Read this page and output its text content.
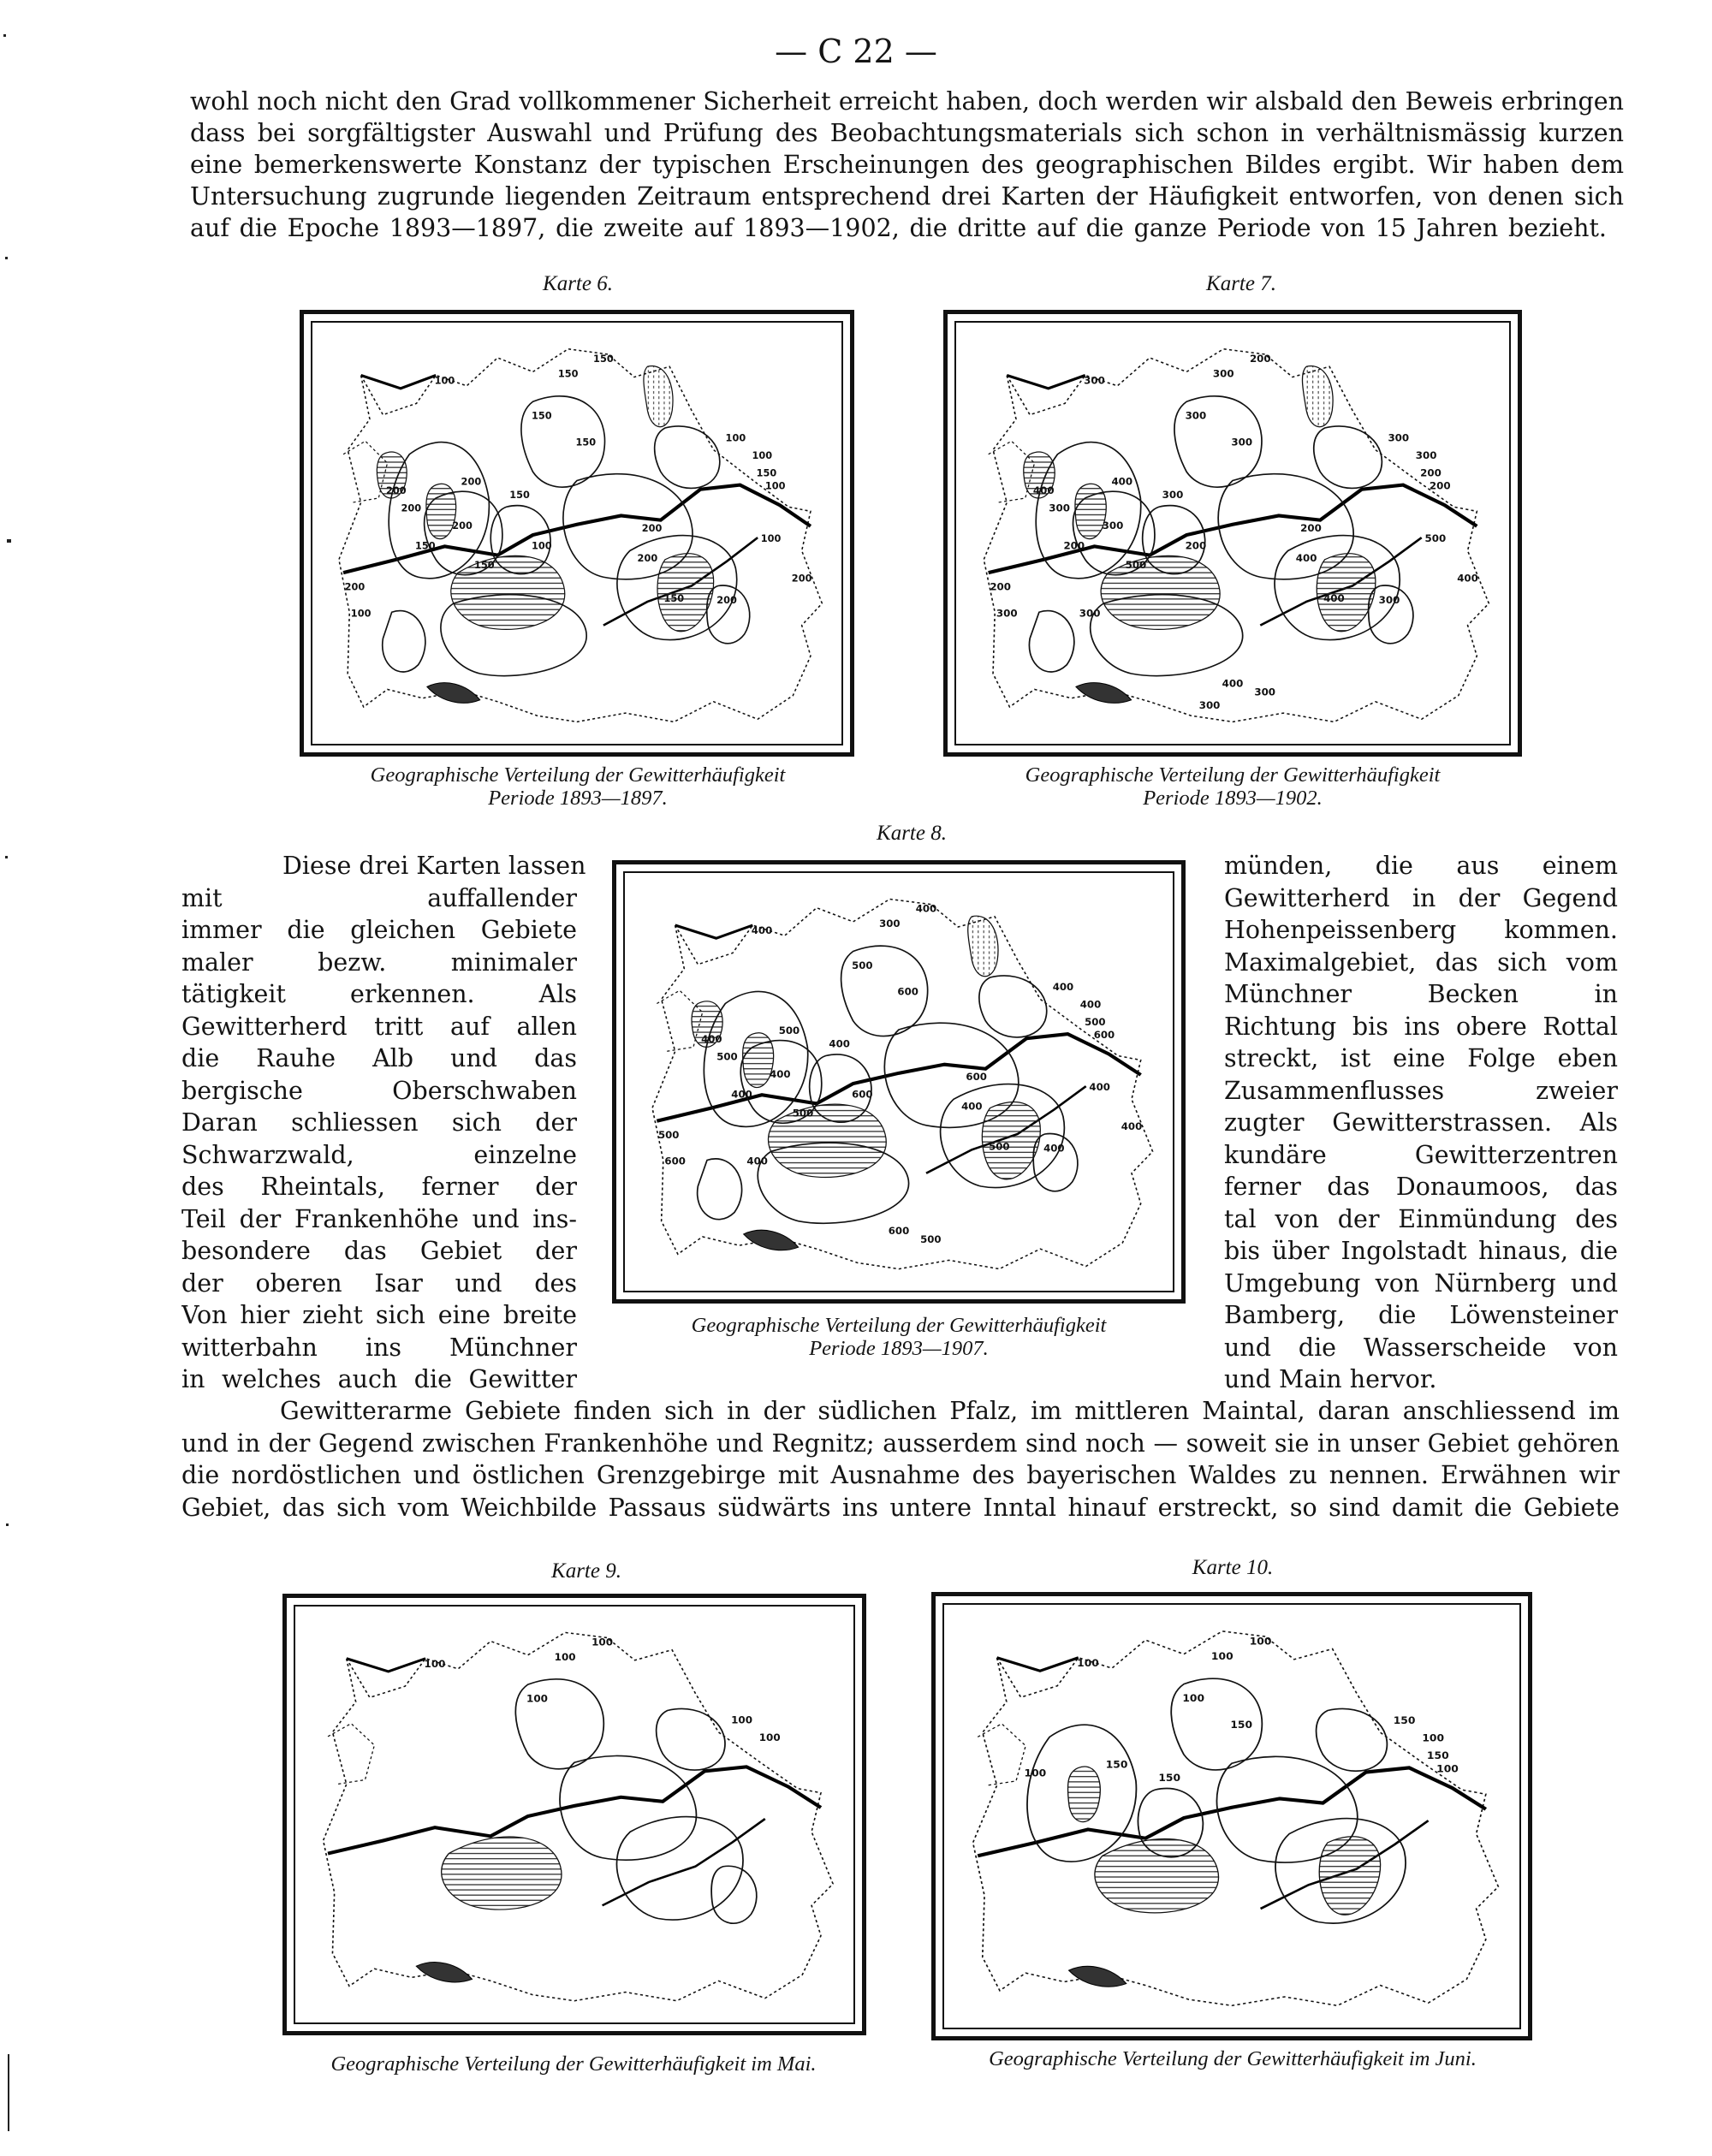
— C 22 —
wohl noch nicht den Grad vollkommener Sicherheit erreicht haben, doch werden wir alsbald den Beweis erbringen
dass bei sorgfältigster Auswahl und Prüfung des Beobachtungsmaterials sich schon in verhältnismässig kurzen
eine bemerkenswerte Konstanz der typischen Erscheinungen des geographischen Bildes ergibt. Wir haben dem
Untersuchung zugrunde liegenden Zeitraum entsprechend drei Karten der Häufigkeit entworfen, von denen sich
auf die Epoche 1893—1897, die zweite auf 1893—1902, die dritte auf die ganze Periode von 15 Jahren bezieht.
Karte 6.
100
150
150
150
100
100
150
100
150
200
150
200
200
200
150	100
200
100
150
200
200
150	200
200
100
Geographische Verteilung der Gewitterhäufigkeit
Periode 1893—1897.
Karte 7.
300
300
200
300
300
300
200
200
300
400
300
400
300
300
200	200
200
500
500
400
400
400	300
200
300	300
400
300
300
Geographische Verteilung der Gewitterhäufigkeit
Periode 1893—1902.
Karte 8.
Diese drei Karten lassen
mit auffallender
immer die gleichen Gebiete
maler bezw. minimaler
tätigkeit erkennen. Als
Gewitterherd tritt auf allen
die Rauhe Alb und das
bergische Oberschwaben
Daran schliessen sich der
Schwarzwald, einzelne
des Rheintals, ferner der
Teil der Frankenhöhe und ins-
besondere das Gebiet der
der oberen Isar und des
Von hier zieht sich eine breite
witterbahn ins Münchner
in welches auch die Gewitter
400
300
400
500
400
400
500
600
600
500
400
400
500
400
400	600
600
400
500
400
400
500	400
500
600	400
600
500
Geographische Verteilung der Gewitterhäufigkeit
Periode 1893—1907.
münden, die aus einem
Gewitterherd in der Gegend
Hohenpeissenberg kommen.
Maximalgebiet, das sich vom
Münchner Becken in
Richtung bis ins obere Rottal
streckt, ist eine Folge eben
Zusammenflusses zweier
zugter Gewitterstrassen. Als
kundäre Gewitterzentren
ferner das Donaumoos, das
tal von der Einmündung des
bis über Ingolstadt hinaus, die
Umgebung von Nürnberg und
Bamberg, die Löwensteiner
und die Wasserscheide von
und Main hervor.
Gewitterarme Gebiete finden sich in der südlichen Pfalz, im mittleren Maintal, daran anschliessend im
und in der Gegend zwischen Frankenhöhe und Regnitz; ausserdem sind noch — soweit sie in unser Gebiet gehören
die nordöstlichen und östlichen Grenzgebirge mit Ausnahme des bayerischen Waldes zu nennen. Erwähnen wir
Gebiet, das sich vom Weichbilde Passaus südwärts ins untere Inntal hinauf erstreckt, so sind damit die Gebiete
Karte 9.
100
100
100
100
100
100
Geographische Verteilung der Gewitterhäufigkeit im Mai.
Karte 10.
100
100
100
100
150
100
150
100
150
150
150
100
Geographische Verteilung der Gewitterhäufigkeit im Juni.
